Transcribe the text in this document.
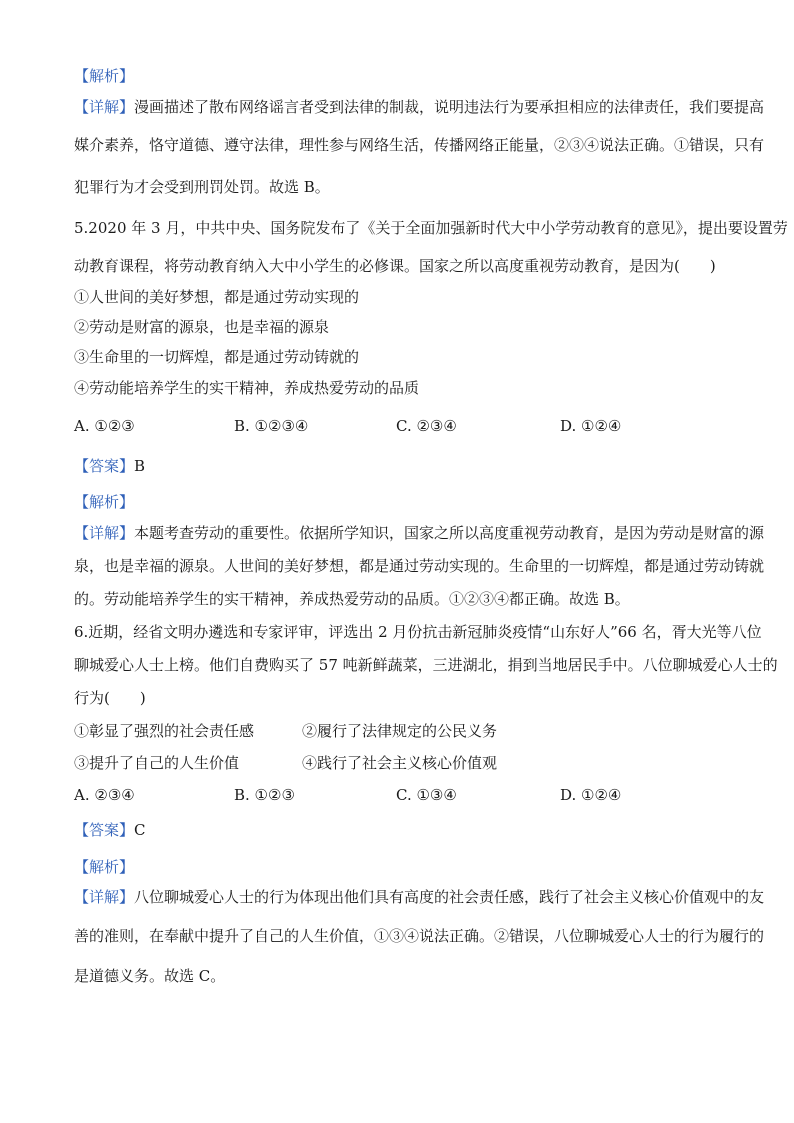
【解析】
【详解】漫画描述了散布网络谣言者受到法律的制裁，说明违法行为要承担相应的法律责任，我们要提高
媒介素养，恪守道德、遵守法律，理性参与网络生活，传播网络正能量，②③④说法正确。①错误，只有
犯罪行为才会受到刑罚处罚。故选 B。
5.2020 年 3 月，中共中央、国务院发布了《关于全面加强新时代大中小学劳动教育的意见》，提出要设置劳
动教育课程，将劳动教育纳入大中小学生的必修课。国家之所以高度重视劳动教育，是因为(　　)
①人世间的美好梦想，都是通过劳动实现的
②劳动是财富的源泉，也是幸福的源泉
③生命里的一切辉煌，都是通过劳动铸就的
④劳动能培养学生的实干精神，养成热爱劳动的品质
A. ①②③	B. ①②③④	C. ②③④	D. ①②④
【答案】B
【解析】
【详解】本题考查劳动的重要性。依据所学知识，国家之所以高度重视劳动教育，是因为劳动是财富的源
泉，也是幸福的源泉。人世间的美好梦想，都是通过劳动实现的。生命里的一切辉煌，都是通过劳动铸就
的。劳动能培养学生的实干精神，养成热爱劳动的品质。①②③④都正确。故选 B。
6.近期，经省文明办遴选和专家评审，评选出 2 月份抗击新冠肺炎疫情“山东好人”66 名，胥大光等八位
聊城爱心人士上榜。他们自费购买了 57 吨新鲜蔬菜，三进湖北，捐到当地居民手中。八位聊城爱心人士的
行为(　　)
①彰显了强烈的社会责任感	②履行了法律规定的公民义务
③提升了自己的人生价值	④践行了社会主义核心价值观
A. ②③④	B. ①②③	C. ①③④	D. ①②④
【答案】C
【解析】
【详解】八位聊城爱心人士的行为体现出他们具有高度的社会责任感，践行了社会主义核心价值观中的友
善的准则，在奉献中提升了自己的人生价值，①③④说法正确。②错误，八位聊城爱心人士的行为履行的
是道德义务。故选 C。
